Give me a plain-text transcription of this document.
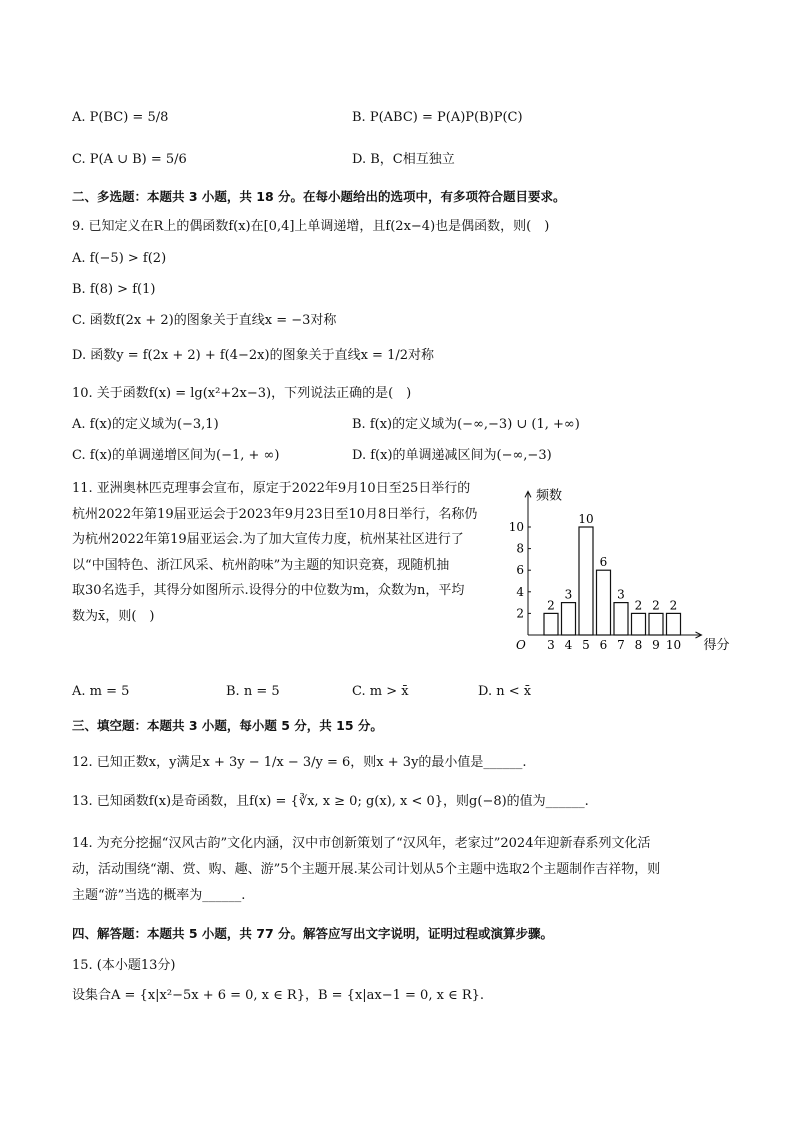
A. P(BC) = 5/8	B. P(ABC) = P(A)P(B)P(C)
C. P(A ∪ B) = 5/6	D. B，C相互独立
二、多选题：本题共 3 小题，共 18 分。在每小题给出的选项中，有多项符合题目要求。
9. 已知定义在R上的偶函数f(x)在[0,4]上单调递增，且f(2x−4)也是偶函数，则(　)
A. f(−5) > f(2)
B. f(8) > f(1)
C. 函数f(2x + 2)的图象关于直线x = −3对称
D. 函数y = f(2x + 2) + f(4−2x)的图象关于直线x = 1/2对称
10. 关于函数f(x) = lg(x²+2x−3)，下列说法正确的是(　)
A. f(x)的定义域为(−3,1)	B. f(x)的定义域为(−∞,−3) ∪ (1, +∞)
C. f(x)的单调递增区间为(−1, + ∞)	D. f(x)的单调递减区间为(−∞,−3)
11. 亚洲奥林匹克理事会宣布，原定于2022年9月10日至25日举行的
杭州2022年第19届亚运会于2023年9月23日至10月8日举行，名称仍
为杭州2022年第19届亚运会.为了加大宣传力度，杭州某社区进行了
以“中国特色、浙江风采、杭州韵味”为主题的知识竞赛，现随机抽
取30名选手，其得分如图所示.设得分的中位数为m，众数为n，平均
数为x̄，则(　)
频数
得分
O
2
4
6
8
10
2
3
3
4
10
5
6
6
3
7
2
8
2
9
2
10
A. m = 5	B. n = 5	C. m > x̄	D. n < x̄
三、填空题：本题共 3 小题，每小题 5 分，共 15 分。
12. 已知正数x，y满足x + 3y − 1/x − 3/y = 6，则x + 3y的最小值是______.
13. 已知函数f(x)是奇函数，且f(x) = {∛x, x ≥ 0; g(x), x < 0}，则g(−8)的值为______.
14. 为充分挖掘“汉风古韵”文化内涵，汉中市创新策划了“汉风年，老家过”2024年迎新春系列文化活
动，活动围绕“潮、赏、购、趣、游”5个主题开展.某公司计划从5个主题中选取2个主题制作吉祥物，则
主题“游”当选的概率为______.
四、解答题：本题共 5 小题，共 77 分。解答应写出文字说明，证明过程或演算步骤。
15. (本小题13分)
设集合A = {x|x²−5x + 6 = 0, x ∈ R}，B = {x|ax−1 = 0, x ∈ R}.
